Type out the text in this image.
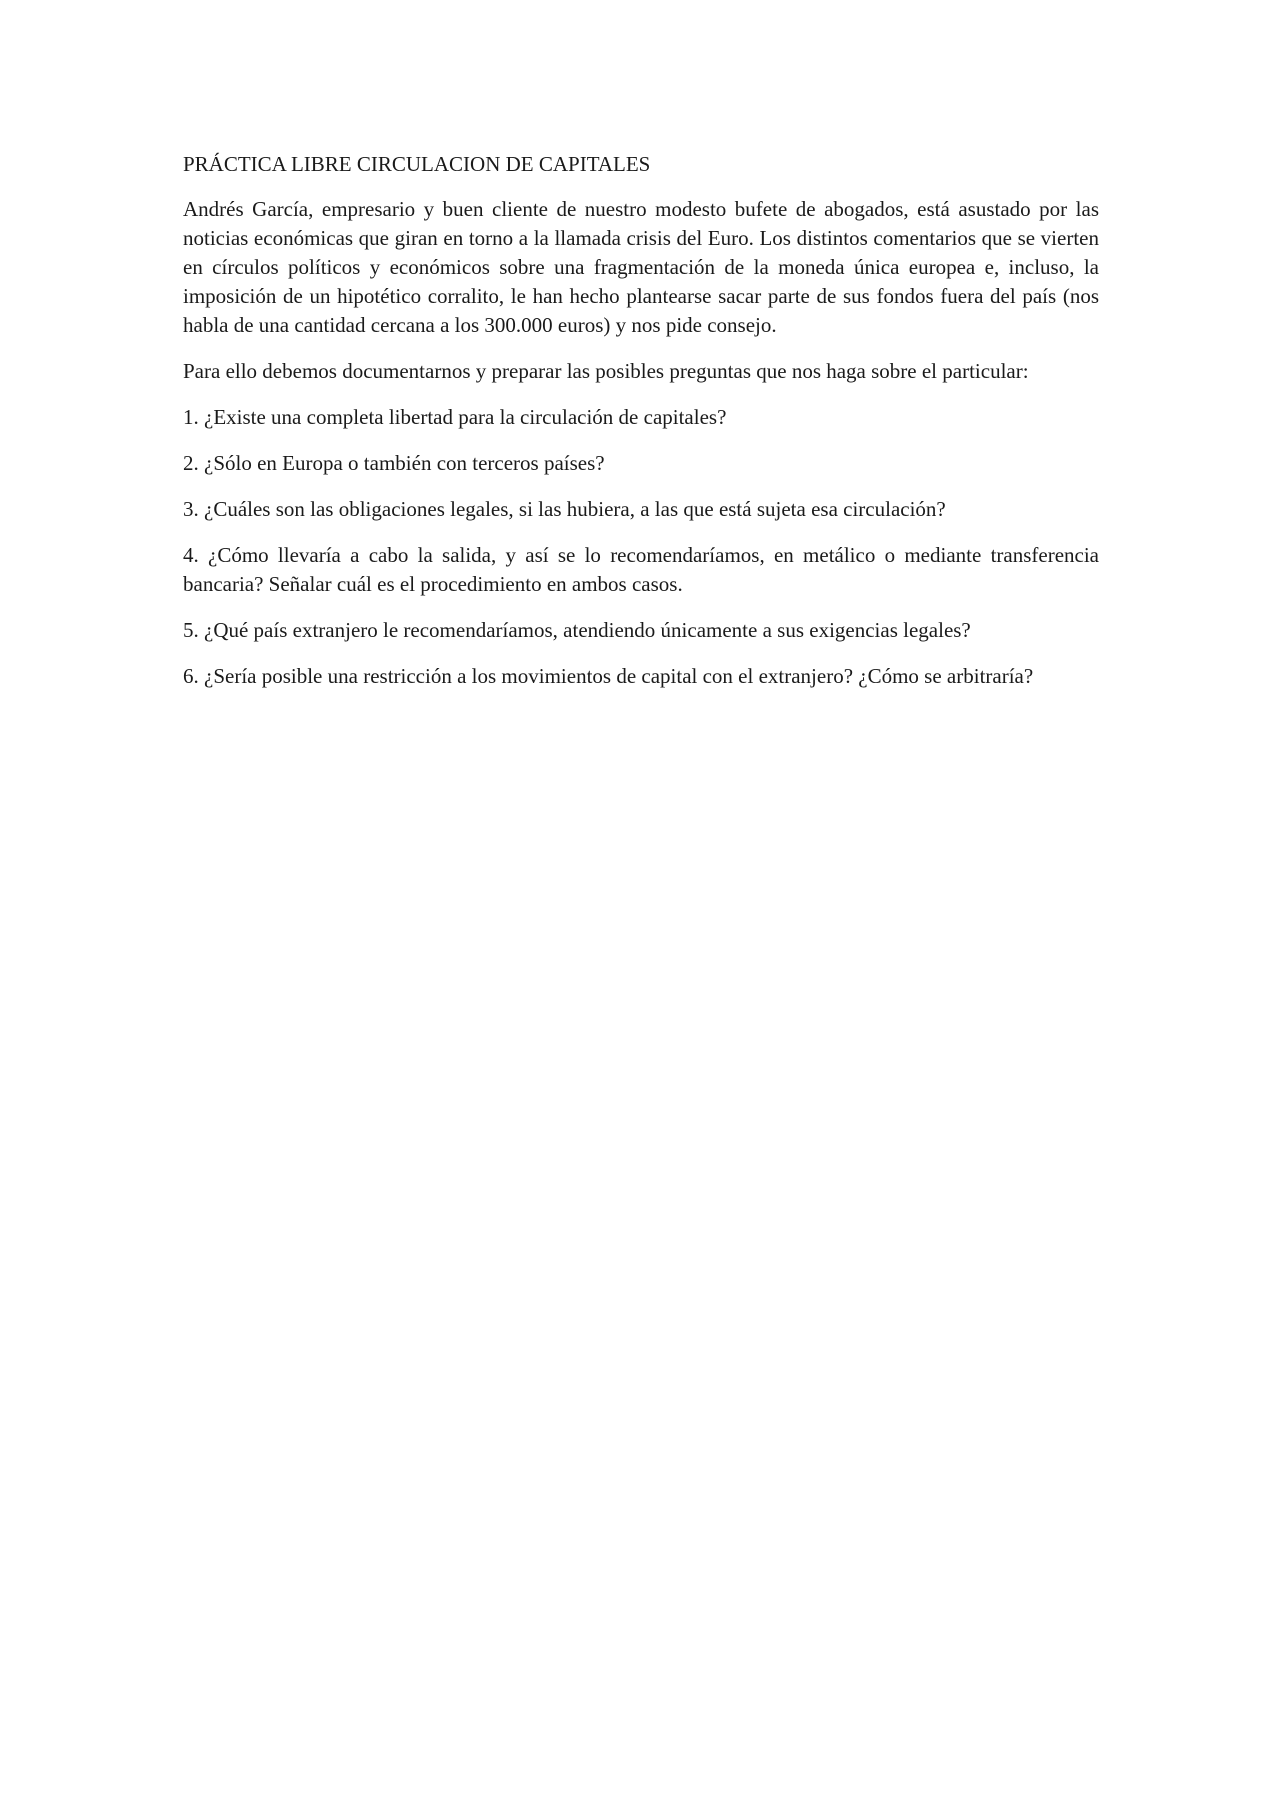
PRÁCTICA LIBRE CIRCULACION DE CAPITALES

Andrés García, empresario y buen cliente de nuestro modesto bufete de abogados, está asustado por las noticias económicas que giran en torno a la llamada crisis del Euro. Los distintos comentarios que se vierten en círculos políticos y económicos sobre una fragmentación de la moneda única europea e, incluso, la imposición de un hipotético corralito, le han hecho plantearse sacar parte de sus fondos fuera del país (nos habla de una cantidad cercana a los 300.000 euros) y nos pide consejo.

Para ello debemos documentarnos y preparar las posibles preguntas que nos haga sobre el particular:

1. ¿Existe una completa libertad para la circulación de capitales?
2. ¿Sólo en Europa o también con terceros países?
3. ¿Cuáles son las obligaciones legales, si las hubiera, a las que está sujeta esa circulación?
4. ¿Cómo llevaría a cabo la salida, y así se lo recomendaríamos, en metálico o mediante transferencia bancaria? Señalar cuál es el procedimiento en ambos casos.
5. ¿Qué país extranjero le recomendaríamos, atendiendo únicamente a sus exigencias legales?
6. ¿Sería posible una restricción a los movimientos de capital con el extranjero? ¿Cómo se arbitraría?
